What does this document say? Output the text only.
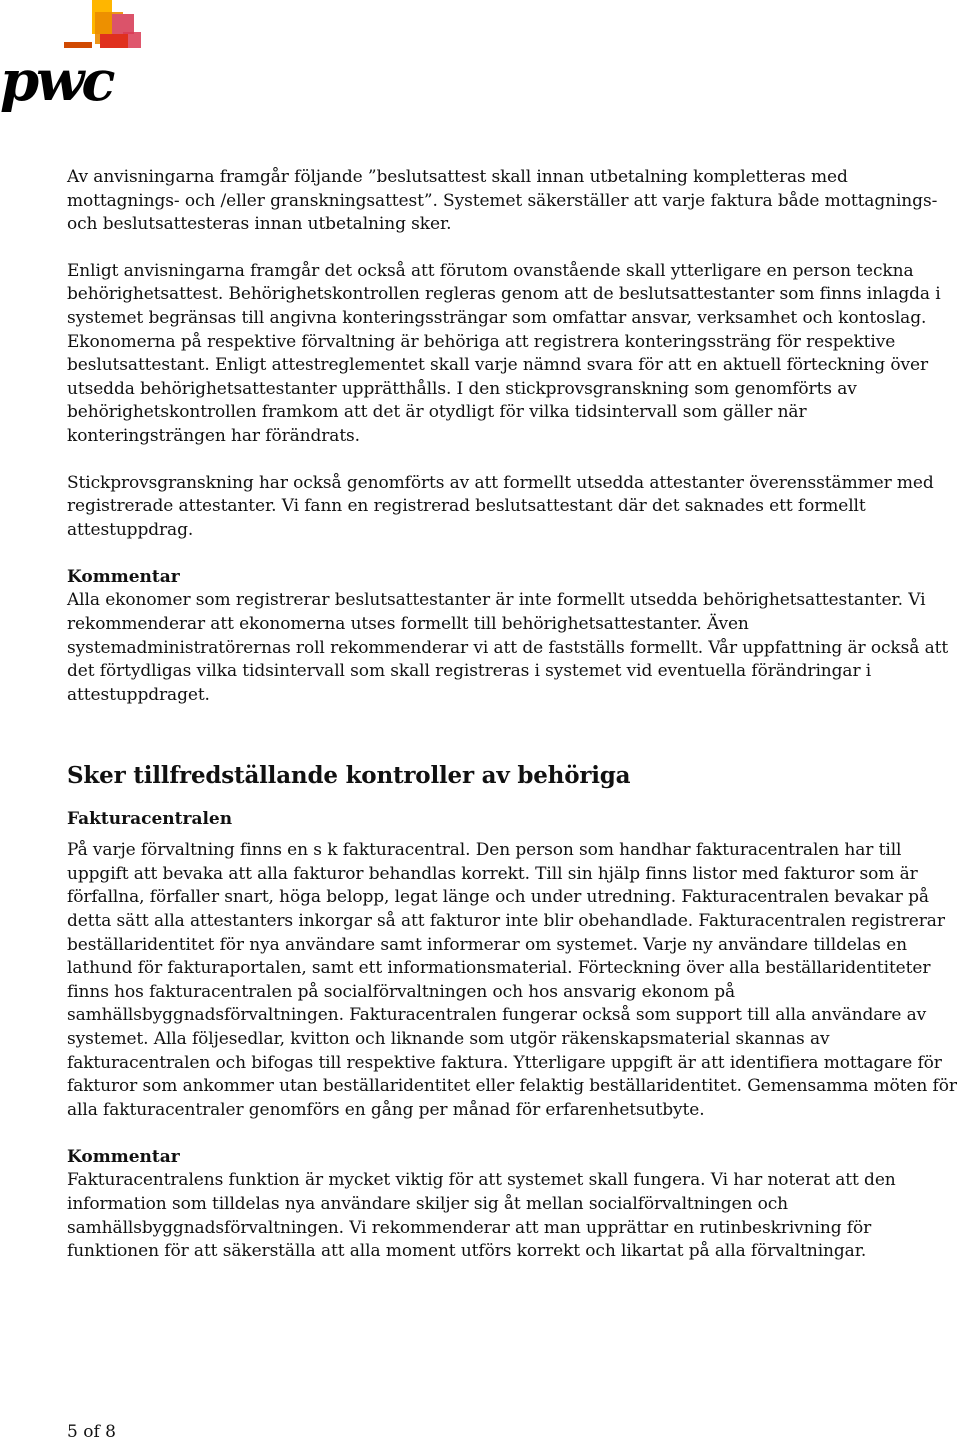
pwc

Av anvisningarna framgår följande ”beslutsattest skall innan utbetalning kompletteras med mottagnings- och /eller granskningsattest”. Systemet säkerställer att varje faktura både mottagnings- och beslutsattesteras innan utbetalning sker.

Enligt anvisningarna framgår det också att förutom ovanstående skall ytterligare en person teckna behörighetsattest. Behörighetskontrollen regleras genom att de beslutsattestanter som finns inlagda i systemet begränsas till angivna konteringssträngar som omfattar ansvar, verksamhet och kontoslag. Ekonomerna på respektive förvaltning är behöriga att registrera konteringssträng för respektive beslutsattestant. Enligt attestreglementet skall varje nämnd svara för att en aktuell förteckning över utsedda behörighetsattestanter upprätthålls. I den stickprovsgranskning som genomförts av behörighetskontrollen framkom att det är otydligt för vilka tidsintervall som gäller när konteringsträngen har förändrats.

Stickprovsgranskning har också genomförts av att formellt utsedda attestanter överensstämmer med registrerade attestanter. Vi fann en registrerad beslutsattestant där det saknades ett formellt attestuppdrag.

Kommentar

Alla ekonomer som registrerar beslutsattestanter är inte formellt utsedda behörighetsattestanter. Vi rekommenderar att ekonomerna utses formellt till behörighetsattestanter. Även systemadministratörernas roll rekommenderar vi att de fastställs formellt. Vår uppfattning är också att det förtydligas vilka tidsintervall som skall registreras i systemet vid eventuella förändringar i attestuppdraget.

Sker tillfredställande kontroller av behöriga
Fakturacentralen

På varje förvaltning finns en s k fakturacentral. Den person som handhar fakturacentralen har till uppgift att bevaka att alla fakturor behandlas korrekt. Till sin hjälp finns listor med fakturor som är förfallna, förfaller snart, höga belopp, legat länge och under utredning. Fakturacentralen bevakar på detta sätt alla attestanters inkorgar så att fakturor inte blir obehandlade. Fakturacentralen registrerar beställaridentitet för nya användare samt informerar om systemet. Varje ny användare tilldelas en lathund för fakturaportalen, samt ett informationsmaterial. Förteckning över alla beställaridentiteter finns hos fakturacentralen på socialförvaltningen och hos ansvarig ekonom på samhällsbyggnadsförvaltningen. Fakturacentralen fungerar också som support till alla användare av systemet. Alla följesedlar, kvitton och liknande som utgör räkenskapsmaterial skannas av fakturacentralen och bifogas till respektive faktura. Ytterligare uppgift är att identifiera mottagare för fakturor som ankommer utan beställaridentitet eller felaktig beställaridentitet. Gemensamma möten för alla fakturacentraler genomförs en gång per månad för erfarenhetsutbyte.

Kommentar

Fakturacentralens funktion är mycket viktig för att systemet skall fungera. Vi har noterat att den information som tilldelas nya användare skiljer sig åt mellan socialförvaltningen och samhällsbyggnadsförvaltningen. Vi rekommenderar att man upprättar en rutinbeskrivning för funktionen för att säkerställa att alla moment utförs korrekt och likartat på alla förvaltningar.

5 of 8
